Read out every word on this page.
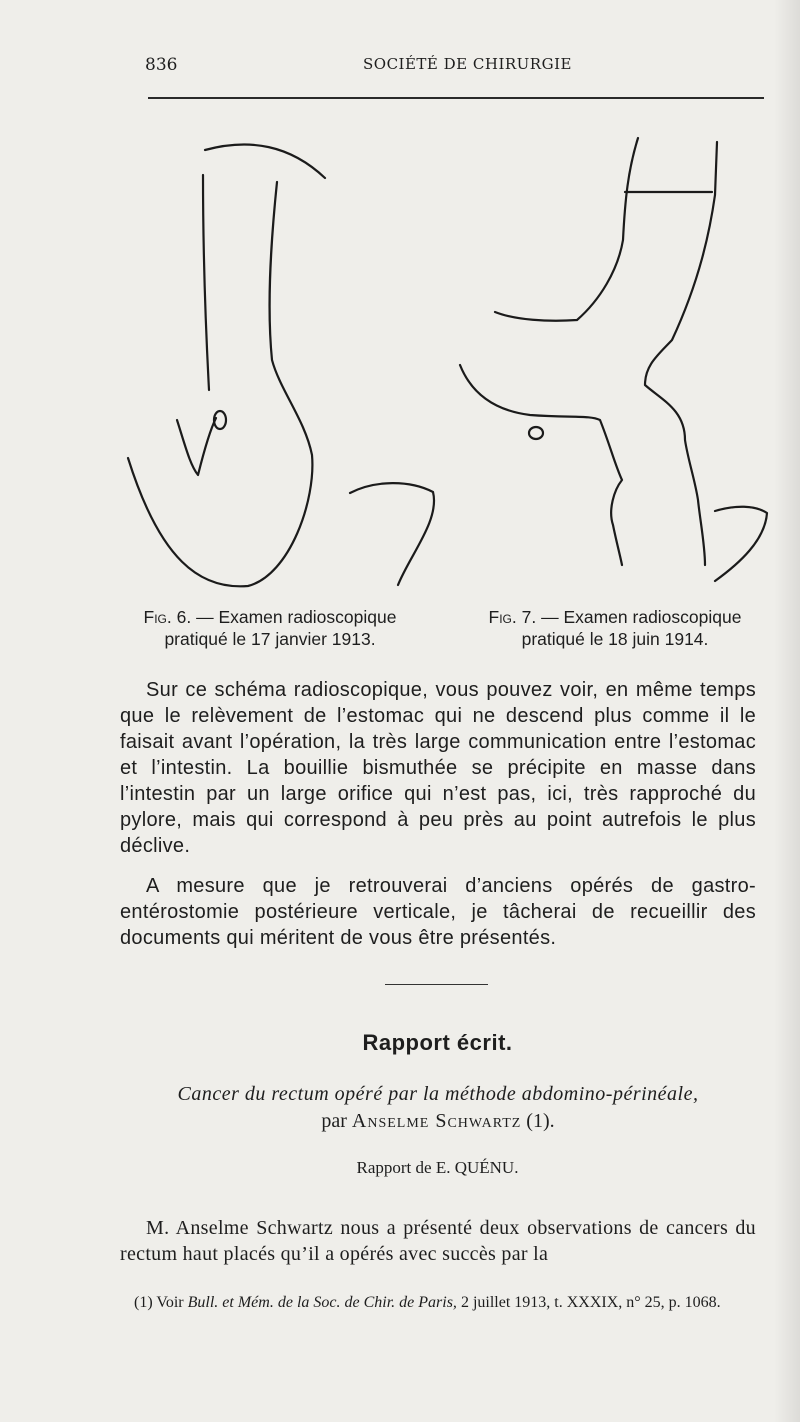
836	SOCIÉTÉ DE CHIRURGIE
Fig. 6. — Examen radioscopique pratiqué le 17 janvier 1913.
Fig. 7. — Examen radioscopique pratiqué le 18 juin 1914.

Sur ce schéma radioscopique, vous pouvez voir, en même temps que le relèvement de l’estomac qui ne descend plus comme il le faisait avant l’opération, la très large communication entre l’estomac et l’intestin. La bouillie bismuthée se précipite en masse dans l’intestin par un large orifice qui n’est pas, ici, très rapproché du pylore, mais qui correspond à peu près au point autrefois le plus déclive.

A mesure que je retrouverai d’anciens opérés de gastro-entérostomie postérieure verticale, je tâcherai de recueillir des documents qui méritent de vous être présentés.

Rapport écrit.
Cancer du rectum opéré par la méthode abdomino-périnéale,
par Anselme Schwartz (1).
Rapport de E. QUÉNU.

M. Anselme Schwartz nous a présenté deux observations de cancers du rectum haut placés qu’il a opérés avec succès par la

(1) Voir Bull. et Mém. de la Soc. de Chir. de Paris, 2 juillet 1913, t. XXXIX, n° 25, p. 1068.
